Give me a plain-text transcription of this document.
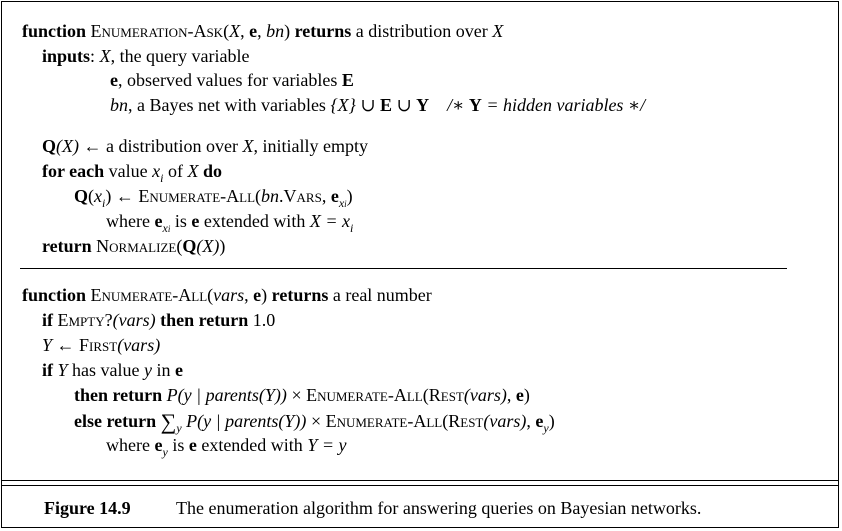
function Enumeration-Ask(X, e, bn) returns a distribution over X
inputs: X, the query variable
e, observed values for variables E
bn, a Bayes net with variables {X} ∪ E ∪ Y /∗ Y = hidden variables ∗/
Q(X) ← a distribution over X, initially empty
for each value $x_i$ of X do
$Q(x_i)$ ← Enumerate-All(bn.Vars, $e_{xi}$)
where $e_{xi}$ is e extended with $X = x_i$
return Normalize(Q(X))
function Enumerate-All(vars, e) returns a real number
if Empty?(vars) then return 1.0
Y ← First(vars)
if Y has value y in e
then return P(y | parents(Y)) × Enumerate-All(Rest(vars), e)
else return $\sum_y$ P(y | parents(Y)) × Enumerate-All(Rest(vars), $e_y$)
where $e_y$ is e extended with Y = y
Figure 14.9	The enumeration algorithm for answering queries on Bayesian networks.
